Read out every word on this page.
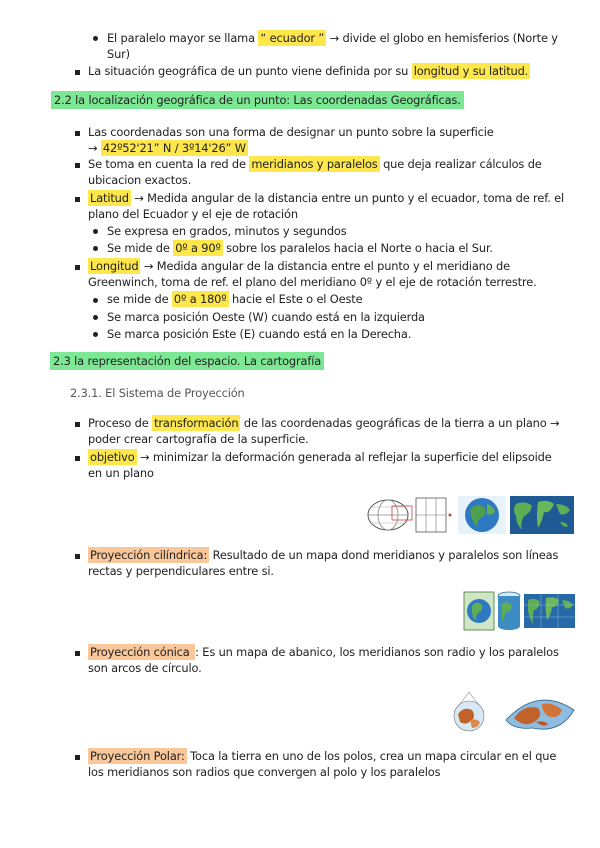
El paralelo mayor se llama “ ecuador ” → divide el globo en hemisferios (Norte y
Sur)
La situación geográfica de un punto viene definida por su longitud y su latitud.
2.2 la localización geográfica de un punto: Las coordenadas Geográficas.
Las coordenadas son una forma de designar un punto sobre la superficie
→ 42º52'21” N / 3º14'26” W
Se toma en cuenta la red de meridianos y paralelos que deja realizar cálculos de
ubicacion exactos.
Latitud → Medida angular de la distancia entre un punto y el ecuador, toma de ref. el
plano del Ecuador y el eje de rotación
Se expresa en grados, minutos y segundos
Se mide de 0º a 90º sobre los paralelos hacia el Norte o hacia el Sur.
Longitud → Medida angular de la distancia entre el punto y el meridiano de
Greenwinch, toma de ref. el plano del meridiano 0º y el eje de rotación terrestre.
se mide de 0º a 180º hacie el Este o el Oeste
Se marca posición Oeste (W) cuando está en la izquierda
Se marca posición Este (E) cuando está en la Derecha.
2.3 la representación del espacio. La cartografía
2.3.1. El Sistema de Proyección
Proceso de transformación de las coordenadas geográficas de la tierra a un plano →
poder crear cartografía de la superficie.
objetivo → minimizar la deformación generada al reflejar la superficie del elipsoide
en un plano
Proyección cilíndrica: Resultado de un mapa dond meridianos y paralelos son líneas
rectas y perpendiculares entre si.
Proyección cónica : Es un mapa de abanico, los meridianos son radio y los paralelos
son arcos de círculo.
Proyección Polar: Toca la tierra en uno de los polos, crea un mapa circular en el que
los meridianos son radios que convergen al polo y los paralelos
